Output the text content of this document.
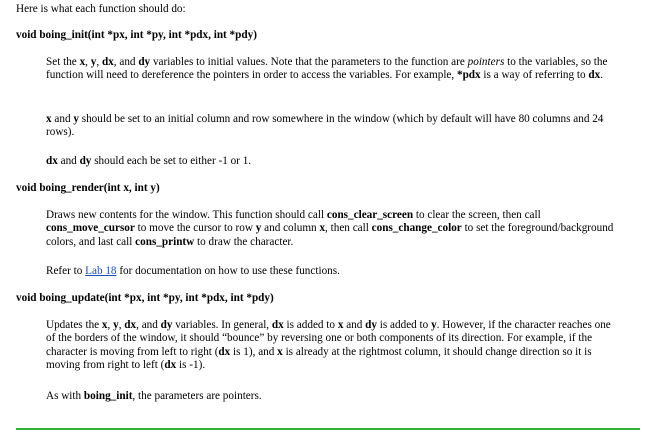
Here is what each function should do:
void boing_init(int *px, int *py, int *pdx, int *pdy)
Set the x, y, dx, and dy variables to initial values. Note that the parameters to the function are pointers to the variables, so the function will need to dereference the pointers in order to access the variables. For example, *pdx is a way of referring to dx.
x and y should be set to an initial column and row somewhere in the window (which by default will have 80 columns and 24 rows).
dx and dy should each be set to either -1 or 1.
void boing_render(int x, int y)
Draws new contents for the window. This function should call cons_clear_screen to clear the screen, then call cons_move_cursor to move the cursor to row y and column x, then call cons_change_color to set the foreground/background colors, and last call cons_printw to draw the character.
Refer to Lab 18 for documentation on how to use these functions.
void boing_update(int *px, int *py, int *pdx, int *pdy)
Updates the x, y, dx, and dy variables. In general, dx is added to x and dy is added to y. However, if the character reaches one of the borders of the window, it should “bounce” by reversing one or both components of its direction. For example, if the character is moving from left to right (dx is 1), and x is already at the rightmost column, it should change direction so it is moving from right to left (dx is -1).
As with boing_init, the parameters are pointers.
